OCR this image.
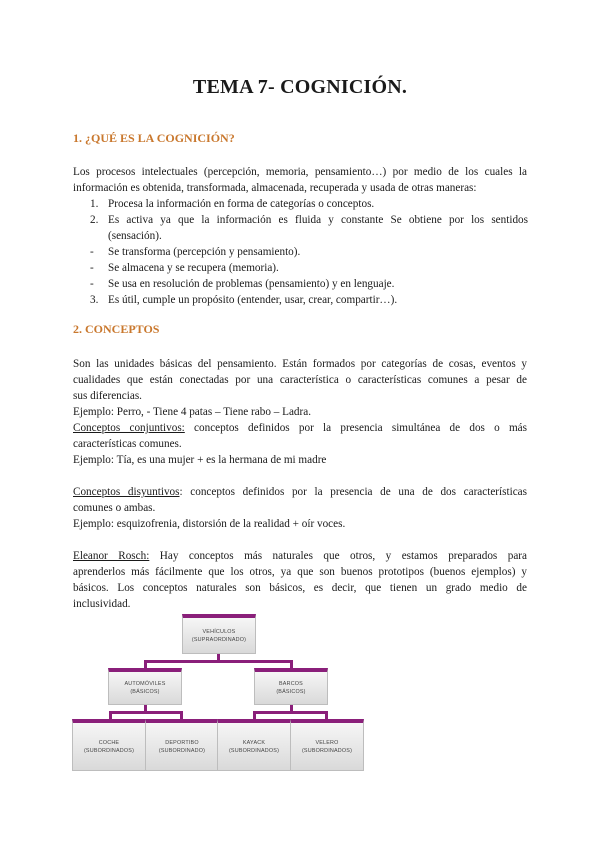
TEMA 7- COGNICIÓN.
1. ¿QUÉ ES LA COGNICIÓN?
Los procesos intelectuales (percepción, memoria, pensamiento…) por medio de los cuales la
información es obtenida, transformada, almacenada, recuperada y usada de otras maneras:
1. Procesa la información en forma de categorías o conceptos.
2. Es activa ya que la información es fluida y constante Se obtiene por los sentidos
(sensación).
- Se transforma (percepción y pensamiento).
- Se almacena y se recupera (memoria).
- Se usa en resolución de problemas (pensamiento) y en lenguaje.
3. Es útil, cumple un propósito (entender, usar, crear, compartir…).
2. CONCEPTOS
Son las unidades básicas del pensamiento. Están formados por categorías de cosas, eventos y
cualidades que están conectadas por una característica o características comunes a pesar de
sus diferencias.
Ejemplo: Perro, - Tiene 4 patas – Tiene rabo – Ladra.
Conceptos conjuntivos: conceptos definidos por la presencia simultánea de dos o más
características comunes.
Ejemplo: Tía, es una mujer + es la hermana de mi madre
Conceptos disyuntivos: conceptos definidos por la presencia de una de dos características
comunes o ambas.
Ejemplo: esquizofrenia, distorsión de la realidad + oír voces.
Eleanor Rosch: Hay conceptos más naturales que otros, y estamos preparados para
aprenderlos más fácilmente que los otros, ya que son buenos prototipos (buenos ejemplos) y
básicos. Los conceptos naturales son básicos, es decir, que tienen un grado medio de
inclusividad.
VEHÍCULOS
(SUPRAORDINADO)
AUTOMÓVILES
(BÁSICOS)
BARCOS
(BÁSICOS)
COCHE
(SUBORDINADOS)
DEPORTIBO
(SUBORDINADO)
KAYACK
(SUBORDINADOS)
VELERO
(SUBORDINADOS)
